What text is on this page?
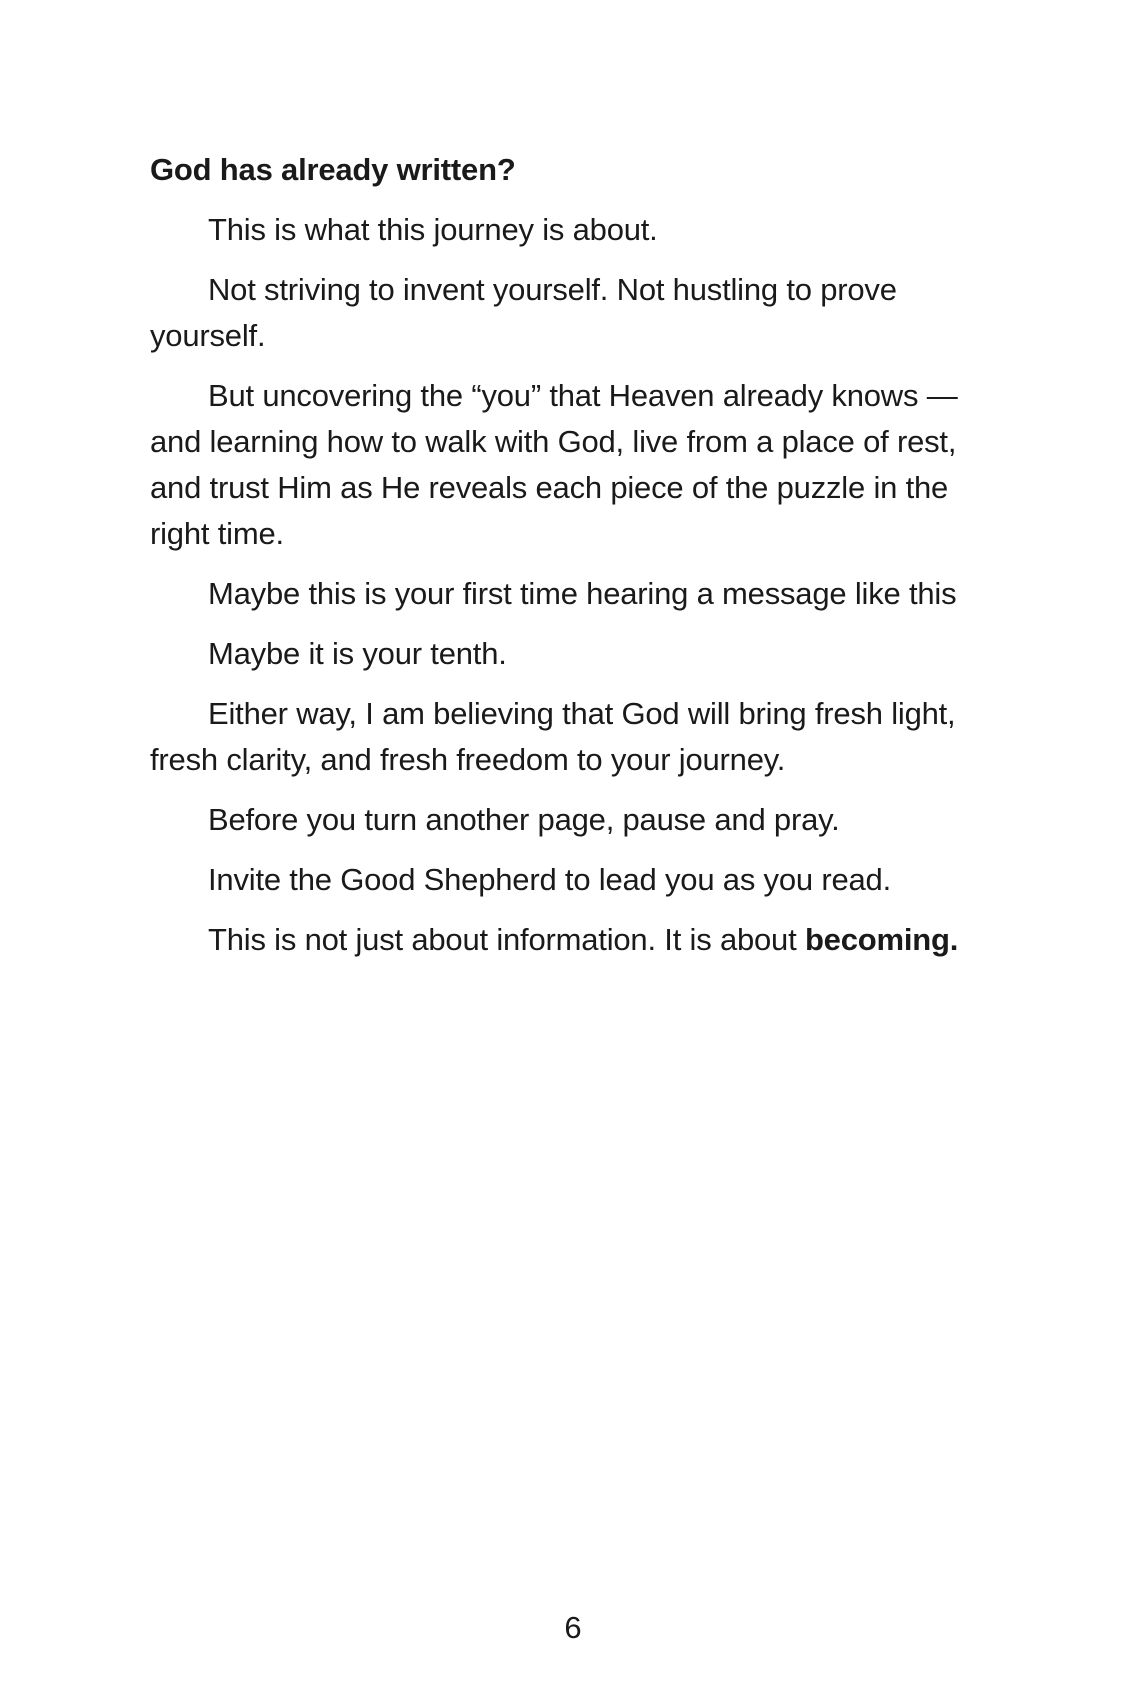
God has already written?

This is what this journey is about.

Not striving to invent yourself. Not hustling to prove yourself.

But uncovering the “you” that Heaven already knows — and learning how to walk with God, live from a place of rest, and trust Him as He reveals each piece of the puzzle in the right time.

Maybe this is your first time hearing a message like this

Maybe it is your tenth.

Either way, I am believing that God will bring fresh light, fresh clarity, and fresh freedom to your journey.

Before you turn another page, pause and pray.

Invite the Good Shepherd to lead you as you read.

This is not just about information. It is about becoming.

6
